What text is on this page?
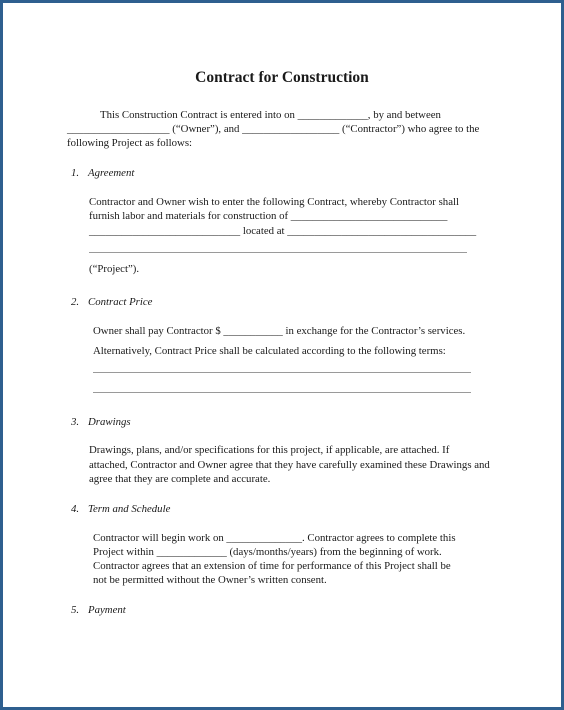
Contract for Construction
This Construction Contract is entered into on _____________, by and between
___________________ (“Owner”), and __________________ (“Contractor”) who agree to the
following Project as follows:
1. Agreement
Contractor and Owner wish to enter the following Contract, whereby Contractor shall
furnish labor and materials for construction of _____________________________
____________________________ located at ___________________________________
(“Project”).
2. Contract Price
Owner shall pay Contractor $ ___________ in exchange for the Contractor’s services.
Alternatively, Contract Price shall be calculated according to the following terms:
3. Drawings
Drawings, plans, and/or specifications for this project, if applicable, are attached. If
attached, Contractor and Owner agree that they have carefully examined these Drawings and
agree that they are complete and accurate.
4. Term and Schedule
Contractor will begin work on ______________. Contractor agrees to complete this
Project within _____________ (days/months/years) from the beginning of work.
Contractor agrees that an extension of time for performance of this Project shall be
not be permitted without the Owner’s written consent.
5. Payment
